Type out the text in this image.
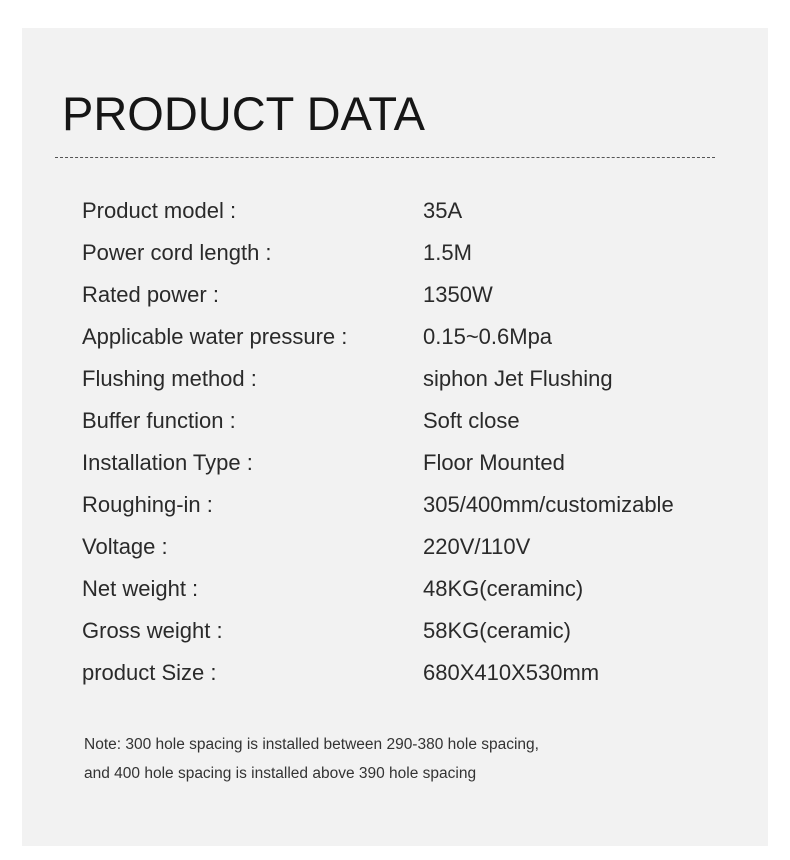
PRODUCT DATA
Product model :	35A
Power cord length :	1.5M
Rated power :	1350W
Applicable water pressure :	0.15~0.6Mpa
Flushing method :	siphon Jet Flushing
Buffer function :	Soft close
Installation Type :	Floor Mounted
Roughing-in :	305/400mm/customizable
Voltage :	220V/110V
Net weight :	48KG(ceraminc)
Gross weight :	58KG(ceramic)
product Size :	680X410X530mm

Note: 300 hole spacing is installed between 290-380 hole spacing,

and 400 hole spacing is installed above 390 hole spacing
